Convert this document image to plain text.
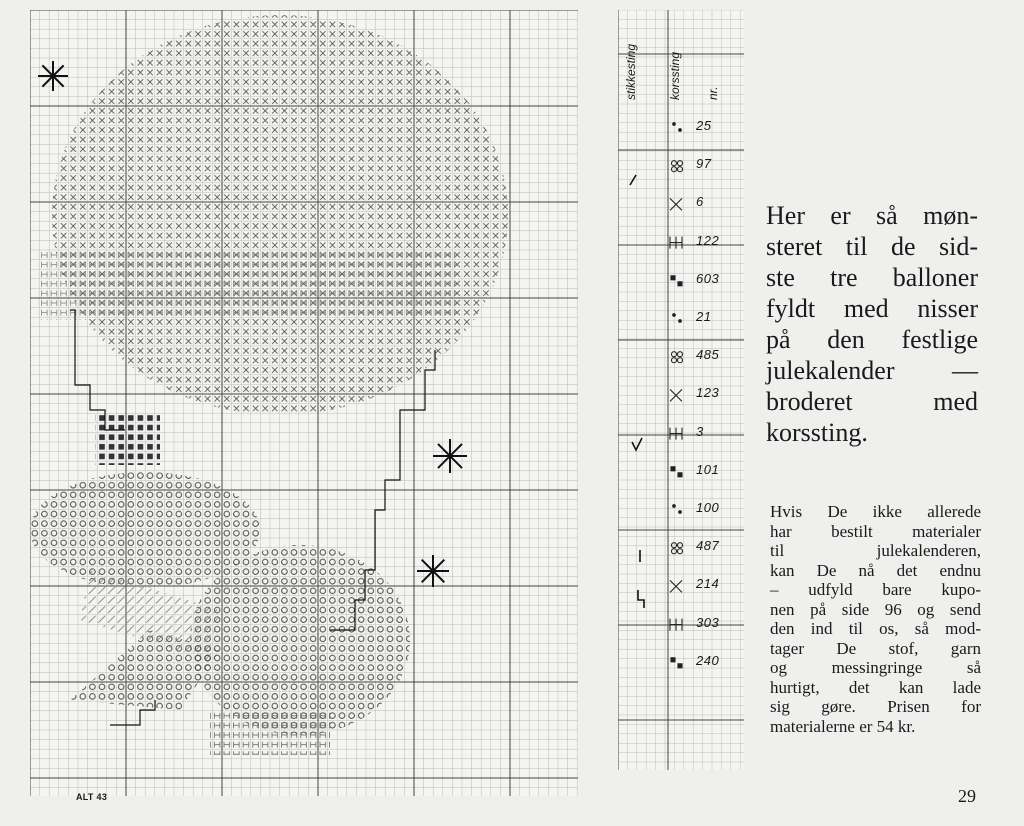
ALT 43
stikkesting	korssting nr.
25
97
6
122
603
21
485
123
3
101
100
487
214
303
240
Her er så møn-
steret til de sid-
ste tre balloner
fyldt med nisser
på den festlige
julekalender —
broderet med
korssting.
Hvis De ikke allerede
har bestilt materialer
til julekalenderen,
kan De nå det endnu
– udfyld bare kupo-
nen på side 96 og send
den ind til os, så mod-
tager De stof, garn
og messingringe så
hurtigt, det kan lade
sig gøre. Prisen for
materialerne er 54 kr.
29
